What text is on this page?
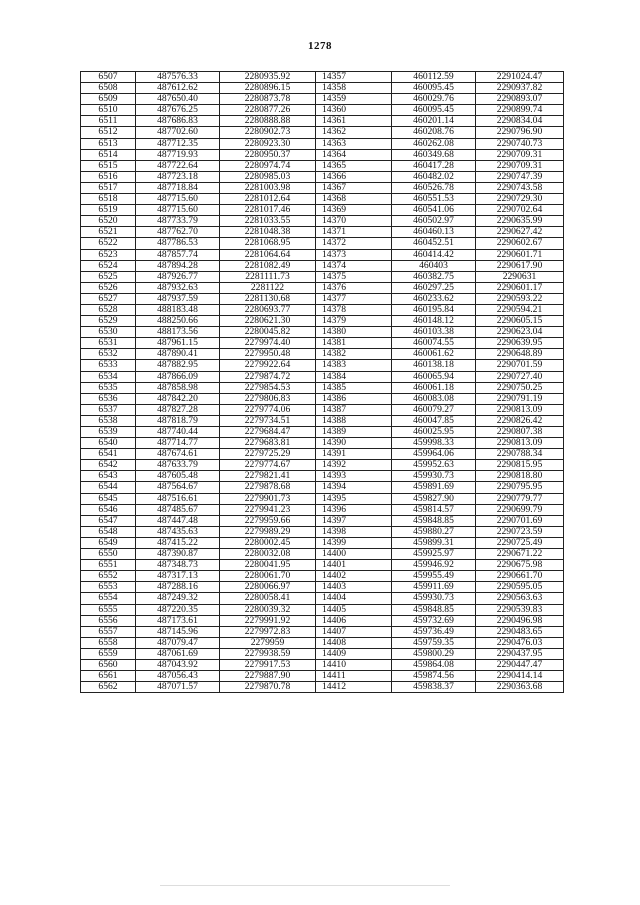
1278
6507	487576.33	2280935.92	14357	460112.59	2291024.47
6508	487612.62	2280896.15	14358	460095.45	2290937.82
6509	487650.40	2280873.78	14359	460029.76	2290893.07
6510	487676.25	2280877.26	14360	460095.45	2290899.74
6511	487686.83	2280888.88	14361	460201.14	2290834.04
6512	487702.60	2280902.73	14362	460208.76	2290796.90
6513	487712.35	2280923.30	14363	460262.08	2290740.73
6514	487719.93	2280950.37	14364	460349.68	2290709.31
6515	487722.64	2280974.74	14365	460417.28	2290709.31
6516	487723.18	2280985.03	14366	460482.02	2290747.39
6517	487718.84	2281003.98	14367	460526.78	2290743.58
6518	487715.60	2281012.64	14368	460551.53	2290729.30
6519	487715.60	2281017.46	14369	460541.06	2290702.64
6520	487733.79	2281033.55	14370	460502.97	2290635.99
6521	487762.70	2281048.38	14371	460460.13	2290627.42
6522	487786.53	2281068.95	14372	460452.51	2290602.67
6523	487857.74	2281064.64	14373	460414.42	2290601.71
6524	487894.28	2281082.49	14374	460403	2290617.90
6525	487926.77	2281111.73	14375	460382.75	2290631
6526	487932.63	2281122	14376	460297.25	2290601.17
6527	487937.59	2281130.68	14377	460233.62	2290593.22
6528	488183.48	2280693.77	14378	460195.84	2290594.21
6529	488250.66	2280621.30	14379	460148.12	2290605.15
6530	488173.56	2280045.82	14380	460103.38	2290623.04
6531	487961.15	2279974.40	14381	460074.55	2290639.95
6532	487890.41	2279950.48	14382	460061.62	2290648.89
6533	487882.95	2279922.64	14383	460138.18	2290701.59
6534	487866.09	2279874.72	14384	460065.94	2290727.40
6535	487858.98	2279854.53	14385	460061.18	2290750.25
6536	487842.20	2279806.83	14386	460083.08	2290791.19
6537	487827.28	2279774.06	14387	460079.27	2290813.09
6538	487818.79	2279734.51	14388	460047.85	2290826.42
6539	487740.44	2279684.47	14389	460025.95	2290807.38
6540	487714.77	2279683.81	14390	459998.33	2290813.09
6541	487674.61	2279725.29	14391	459964.06	2290788.34
6542	487633.79	2279774.67	14392	459952.63	2290815.95
6543	487605.48	2279821.41	14393	459930.73	2290818.80
6544	487564.67	2279878.68	14394	459891.69	2290795.95
6545	487516.61	2279901.73	14395	459827.90	2290779.77
6546	487485.67	2279941.23	14396	459814.57	2290699.79
6547	487447.48	2279959.66	14397	459848.85	2290701.69
6548	487435.63	2279989.29	14398	459880.27	2290723.59
6549	487415.22	2280002.45	14399	459899.31	2290725.49
6550	487390.87	2280032.08	14400	459925.97	2290671.22
6551	487348.73	2280041.95	14401	459946.92	2290675.98
6552	487317.13	2280061.70	14402	459955.49	2290661.70
6553	487288.16	2280066.97	14403	459911.69	2290595.05
6554	487249.32	2280058.41	14404	459930.73	2290563.63
6555	487220.35	2280039.32	14405	459848.85	2290539.83
6556	487173.61	2279991.92	14406	459732.69	2290496.98
6557	487145.96	2279972.83	14407	459736.49	2290483.65
6558	487079.47	2279959	14408	459759.35	2290476.03
6559	487061.69	2279938.59	14409	459800.29	2290437.95
6560	487043.92	2279917.53	14410	459864.08	2290447.47
6561	487056.43	2279887.90	14411	459874.56	2290414.14
6562	487071.57	2279870.78	14412	459838.37	2290363.68
